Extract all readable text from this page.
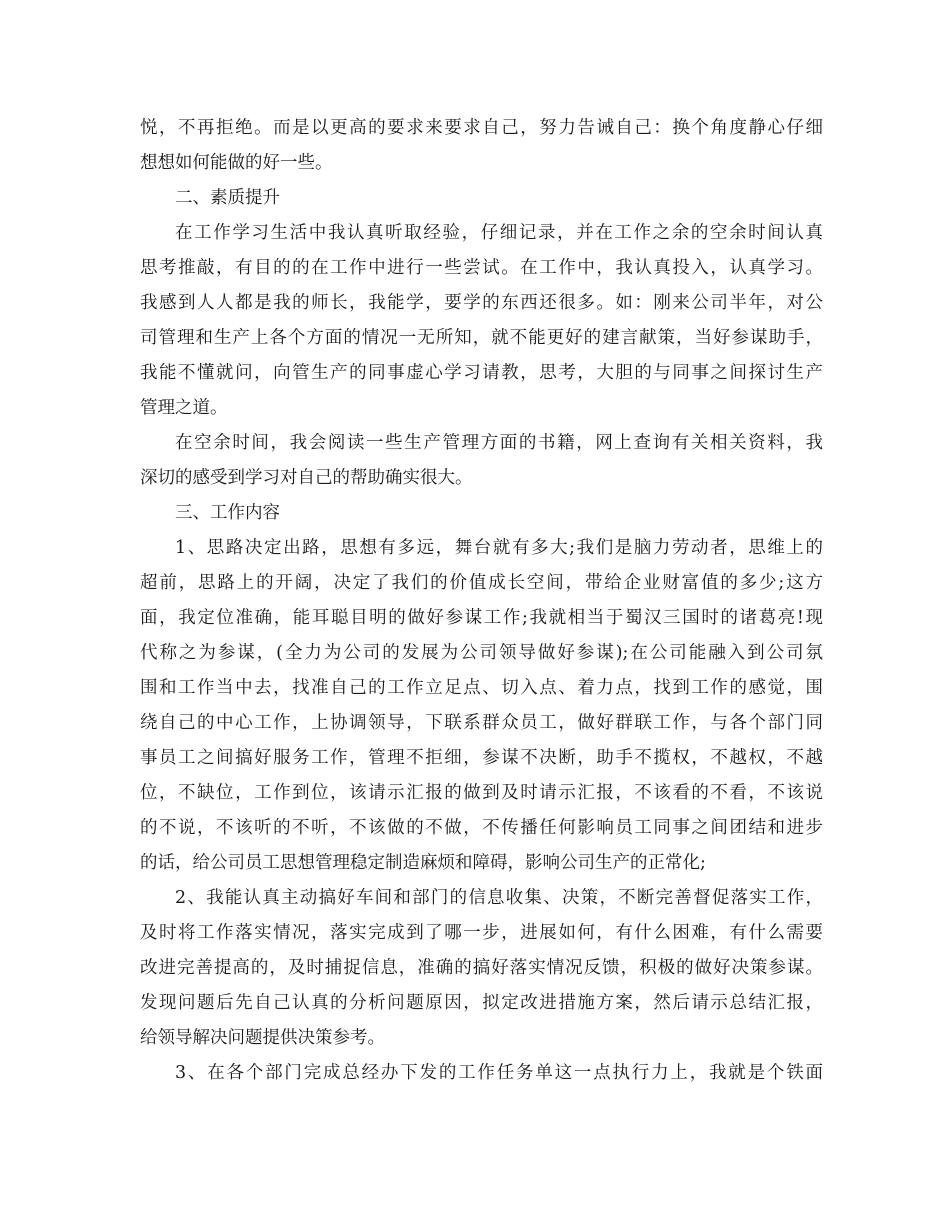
悦，不再拒绝。而是以更高的要求来要求自己，努力告诫自己：换个角度静心仔细
想想如何能做的好一些。
二、素质提升
在工作学习生活中我认真听取经验，仔细记录，并在工作之余的空余时间认真
思考推敲，有目的的在工作中进行一些尝试。在工作中，我认真投入，认真学习。
我感到人人都是我的师长，我能学，要学的东西还很多。如：刚来公司半年，对公
司管理和生产上各个方面的情况一无所知，就不能更好的建言献策，当好参谋助手，
我能不懂就问，向管生产的同事虚心学习请教，思考，大胆的与同事之间探讨生产
管理之道。
在空余时间，我会阅读一些生产管理方面的书籍，网上查询有关相关资料，我
深切的感受到学习对自己的帮助确实很大。
三、工作内容
1、思路决定出路，思想有多远，舞台就有多大;我们是脑力劳动者，思维上的
超前，思路上的开阔，决定了我们的价值成长空间，带给企业财富值的多少;这方
面，我定位准确，能耳聪目明的做好参谋工作;我就相当于蜀汉三国时的诸葛亮!现
代称之为参谋，(全力为公司的发展为公司领导做好参谋);在公司能融入到公司氛
围和工作当中去，找准自己的工作立足点、切入点、着力点，找到工作的感觉，围
绕自己的中心工作，上协调领导，下联系群众员工，做好群联工作，与各个部门同
事员工之间搞好服务工作，管理不拒细，参谋不决断，助手不揽权，不越权，不越
位，不缺位，工作到位，该请示汇报的做到及时请示汇报，不该看的不看，不该说
的不说，不该听的不听，不该做的不做，不传播任何影响员工同事之间团结和进步
的话，给公司员工思想管理稳定制造麻烦和障碍，影响公司生产的正常化;
2、我能认真主动搞好车间和部门的信息收集、决策，不断完善督促落实工作，
及时将工作落实情况，落实完成到了哪一步，进展如何，有什么困难，有什么需要
改进完善提高的，及时捕捉信息，准确的搞好落实情况反馈，积极的做好决策参谋。
发现问题后先自己认真的分析问题原因，拟定改进措施方案，然后请示总结汇报，
给领导解决问题提供决策参考。
3、在各个部门完成总经办下发的工作任务单这一点执行力上，我就是个铁面
